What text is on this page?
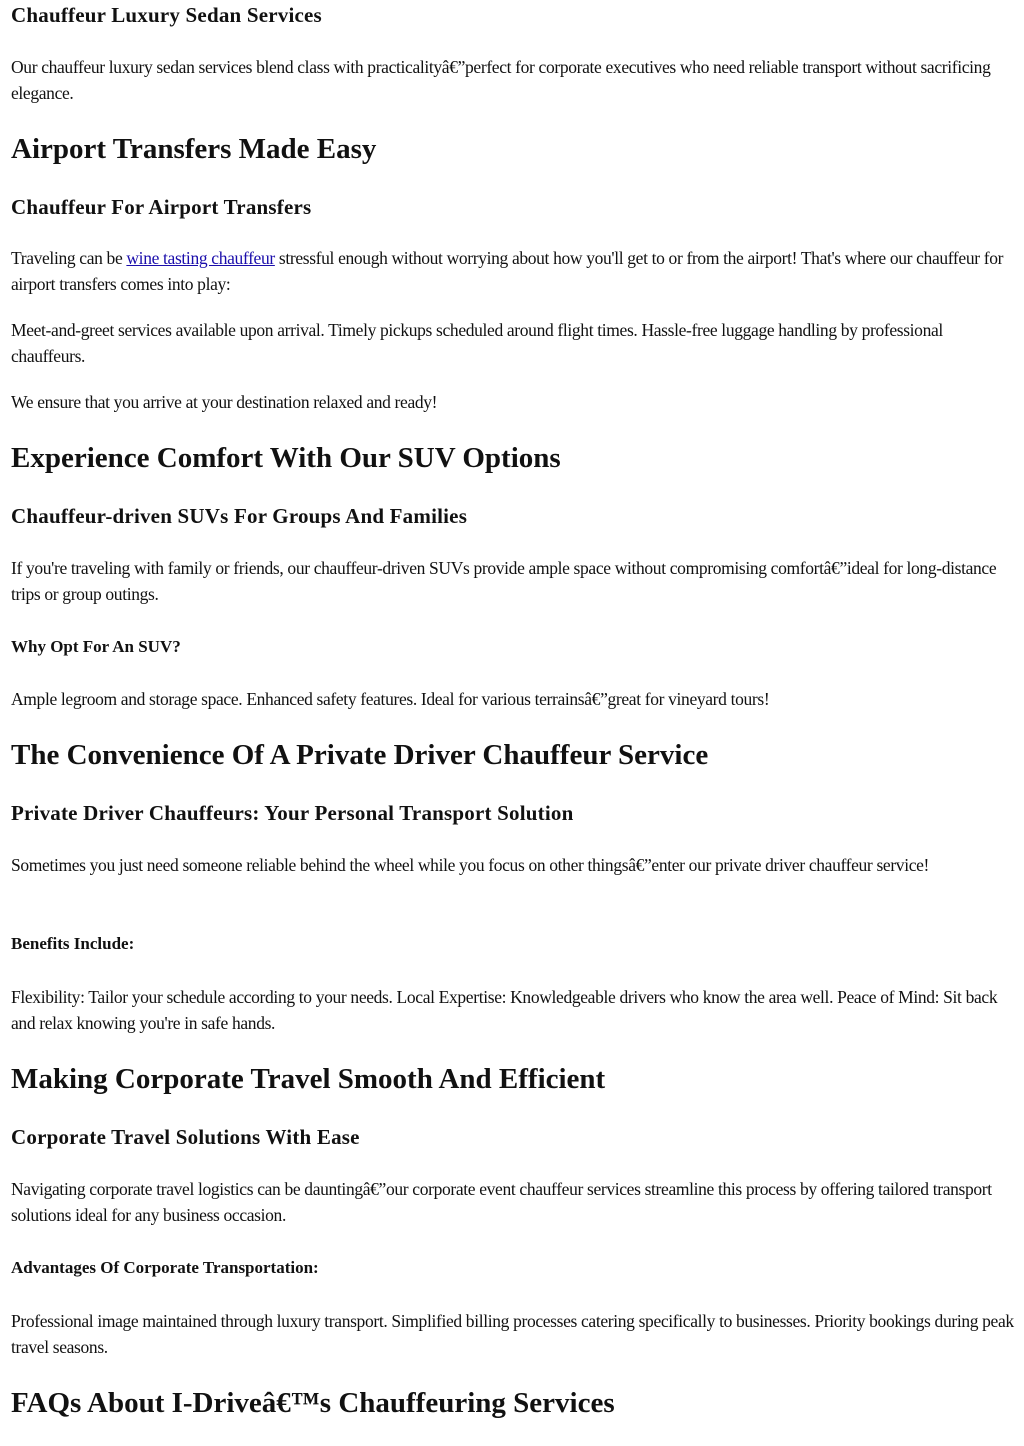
Chauffeur Luxury Sedan Services

Our chauffeur luxury sedan services blend class with practicalityâ€”perfect for corporate executives who need reliable transport without sacrificing elegance.

Airport Transfers Made Easy
Chauffeur For Airport Transfers

Traveling can be wine tasting chauffeur stressful enough without worrying about how you'll get to or from the airport! That's where our chauffeur for airport transfers comes into play:

Meet-and-greet services available upon arrival. Timely pickups scheduled around flight times. Hassle-free luggage handling by professional chauffeurs.

We ensure that you arrive at your destination relaxed and ready!

Experience Comfort With Our SUV Options
Chauffeur-driven SUVs For Groups And Families

If you're traveling with family or friends, our chauffeur-driven SUVs provide ample space without compromising comfortâ€”ideal for long-distance trips or group outings.

Why Opt For An SUV?

Ample legroom and storage space. Enhanced safety features. Ideal for various terrainsâ€”great for vineyard tours!

The Convenience Of A Private Driver Chauffeur Service
Private Driver Chauffeurs: Your Personal Transport Solution

Sometimes you just need someone reliable behind the wheel while you focus on other thingsâ€”enter our private driver chauffeur service!

Benefits Include:

Flexibility: Tailor your schedule according to your needs. Local Expertise: Knowledgeable drivers who know the area well. Peace of Mind: Sit back and relax knowing you're in safe hands.

Making Corporate Travel Smooth And Efficient
Corporate Travel Solutions With Ease

Navigating corporate travel logistics can be dauntingâ€”our corporate event chauffeur services streamline this process by offering tailored transport solutions ideal for any business occasion.

Advantages Of Corporate Transportation:

Professional image maintained through luxury transport. Simplified billing processes catering specifically to businesses. Priority bookings during peak travel seasons.

FAQs About I-Driveâ€™s Chauffeuring Services
